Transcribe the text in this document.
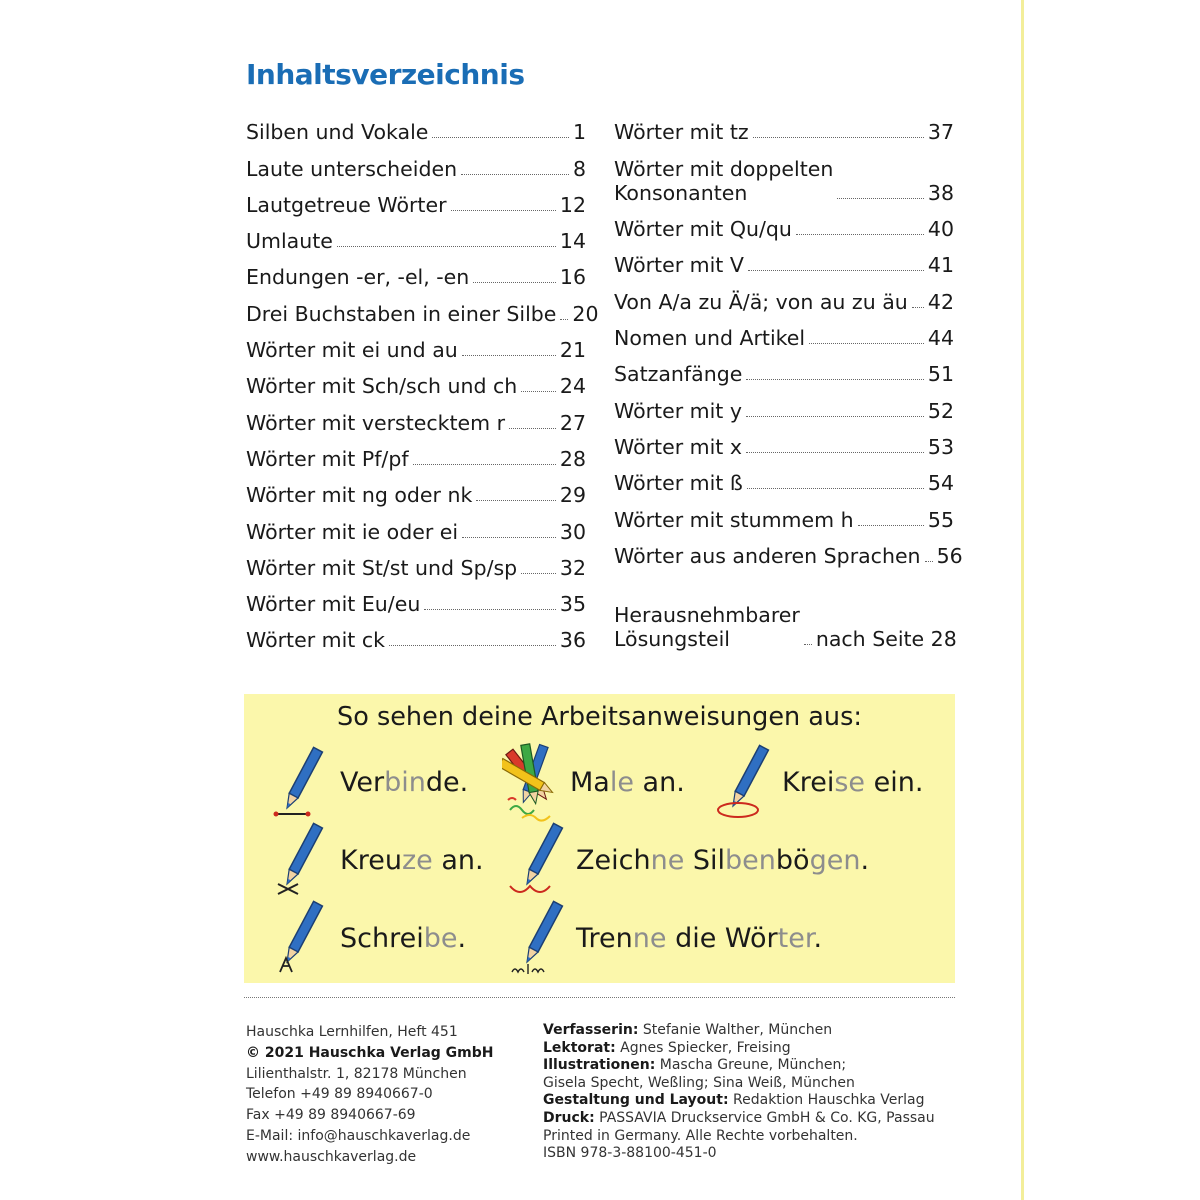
Inhaltsverzeichnis
Silben und Vokale	1
Laute unterscheiden	8
Lautgetreue Wörter	12
Umlaute	14
Endungen -er, -el, -en	16
Drei Buchstaben in einer Silbe 20
Wörter mit ei und au	21
Wörter mit Sch/sch und ch 24
Wörter mit verstecktem r	27
Wörter mit Pf/pf	28
Wörter mit ng oder nk	29
Wörter mit ie oder ei	30
Wörter mit St/st und Sp/sp 32
Wörter mit Eu/eu	35
Wörter mit ck	36
Wörter mit tz	37
Wörter mit doppelten
Konsonanten	38
Wörter mit Qu/qu	40
Wörter mit V	41
Von A/a zu Ä/ä; von au zu äu 42
Nomen und Artikel	44
Satzanfänge	51
Wörter mit y	52
Wörter mit x	53
Wörter mit ß	54
Wörter mit stummem h	55
Wörter aus anderen Sprachen 56
Herausnehmbarer
Lösungsteil	nach Seite 28
So sehen deine Arbeitsanweisungen aus:
Verbinde.	Male an.	Kreise ein.
Kreuze an.	Zeichne Silbenbögen.
Schreibe.	Trenne die Wörter.
Hauschka Lernhilfen, Heft 451
© 2021 Hauschka Verlag GmbH
Lilienthalstr. 1, 82178 München
Telefon +49 89 8940667-0
Fax +49 89 8940667-69
E-Mail: info@hauschkaverlag.de
www.hauschkaverlag.de
Verfasserin: Stefanie Walther, München
Lektorat: Agnes Spiecker, Freising
Illustrationen: Mascha Greune, München;
Gisela Specht, Weßling; Sina Weiß, München
Gestaltung und Layout: Redaktion Hauschka Verlag
Druck: PASSAVIA Druckservice GmbH & Co. KG, Passau
Printed in Germany. Alle Rechte vorbehalten.
ISBN 978-3-88100-451-0
